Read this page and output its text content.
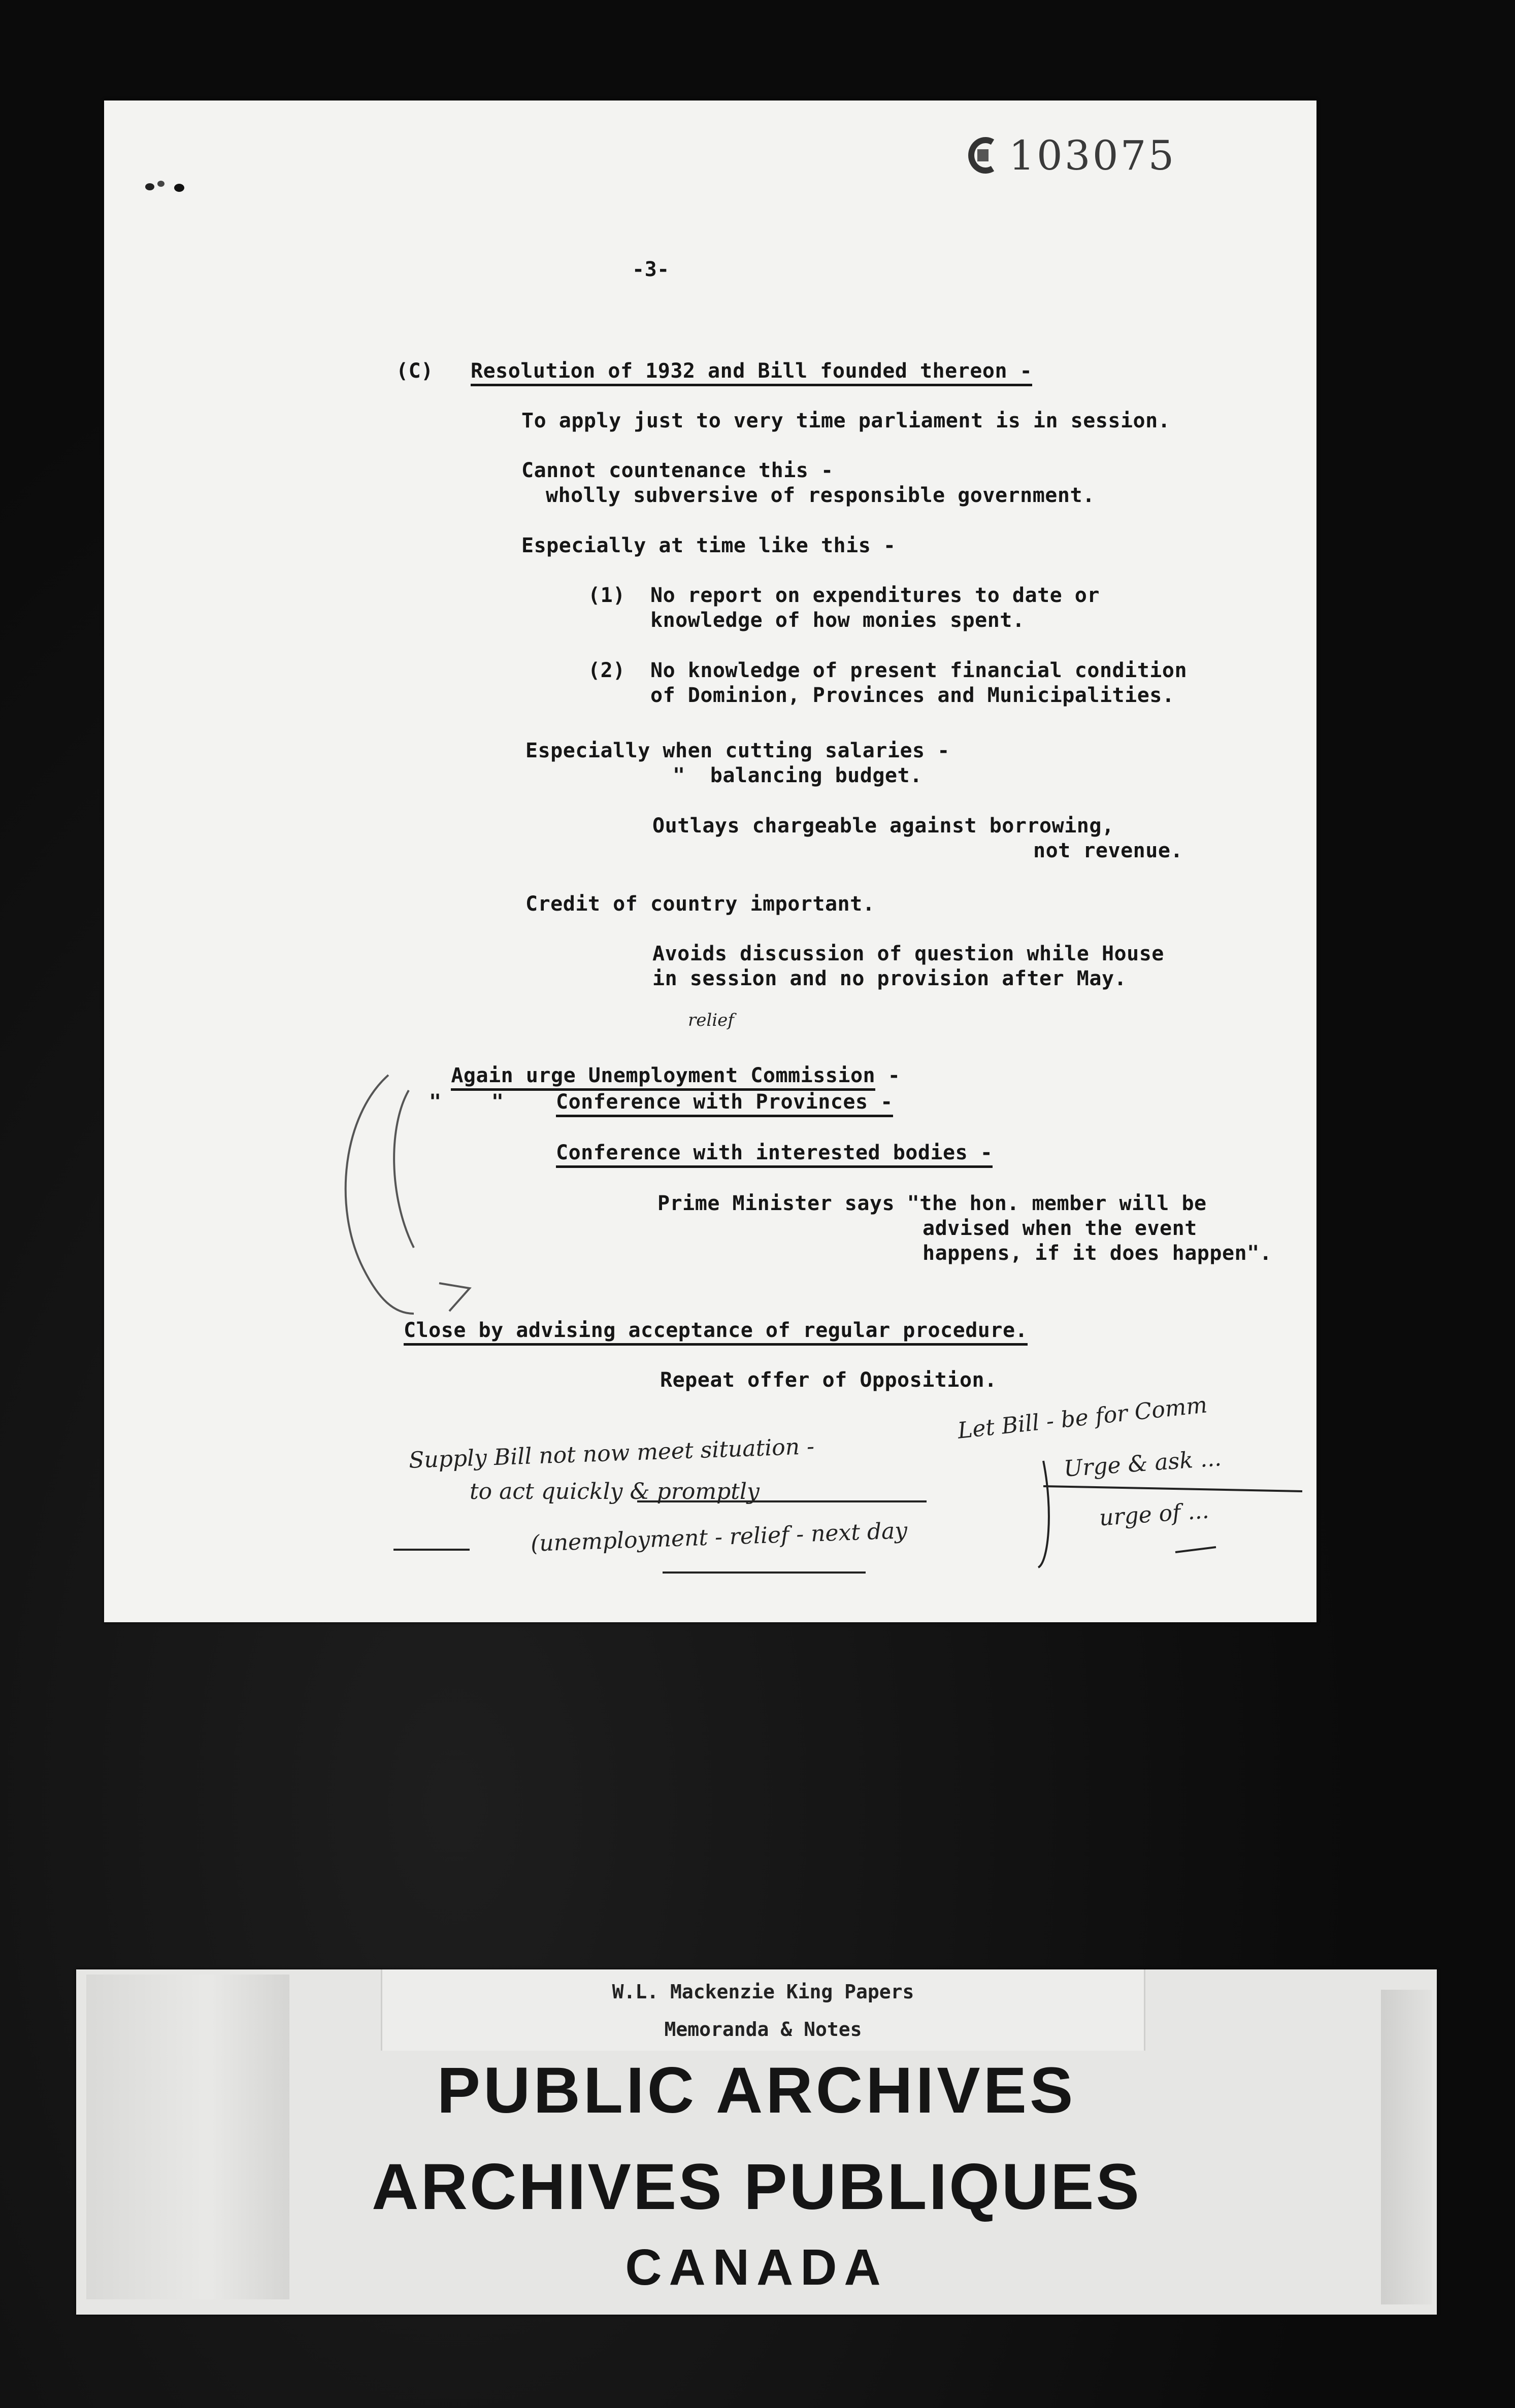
103075
-3-
(C) Resolution of 1932 and Bill founded thereon -
To apply just to very time parliament is in session.
Cannot countenance this -
wholly subversive of responsible government.
Especially at time like this -
(1) No report on expenditures to date or
knowledge of how monies spent.
(2) No knowledge of present financial condition
of Dominion, Provinces and Municipalities.
Especially when cutting salaries -
"  balancing budget.
Outlays chargeable against borrowing,
not revenue.
Credit of country important.
Avoids discussion of question while House
in session and no provision after May.

Again urge Unemployment Commission -

relief
"    "	Conference with Provinces -
Conference with interested bodies -
Prime Minister says "the hon. member will be
advised when the event
happens, if it does happen".
Close by advising acceptance of regular procedure.
Repeat offer of Opposition.
Supply Bill not now meet situation -
to act quickly & promptly
(unemployment - relief - next day
Let Bill - be for Comm
Urge & ask ...
urge of ...
W.L. Mackenzie King Papers
Memoranda & Notes
PUBLIC ARCHIVES
ARCHIVES PUBLIQUES
CANADA
